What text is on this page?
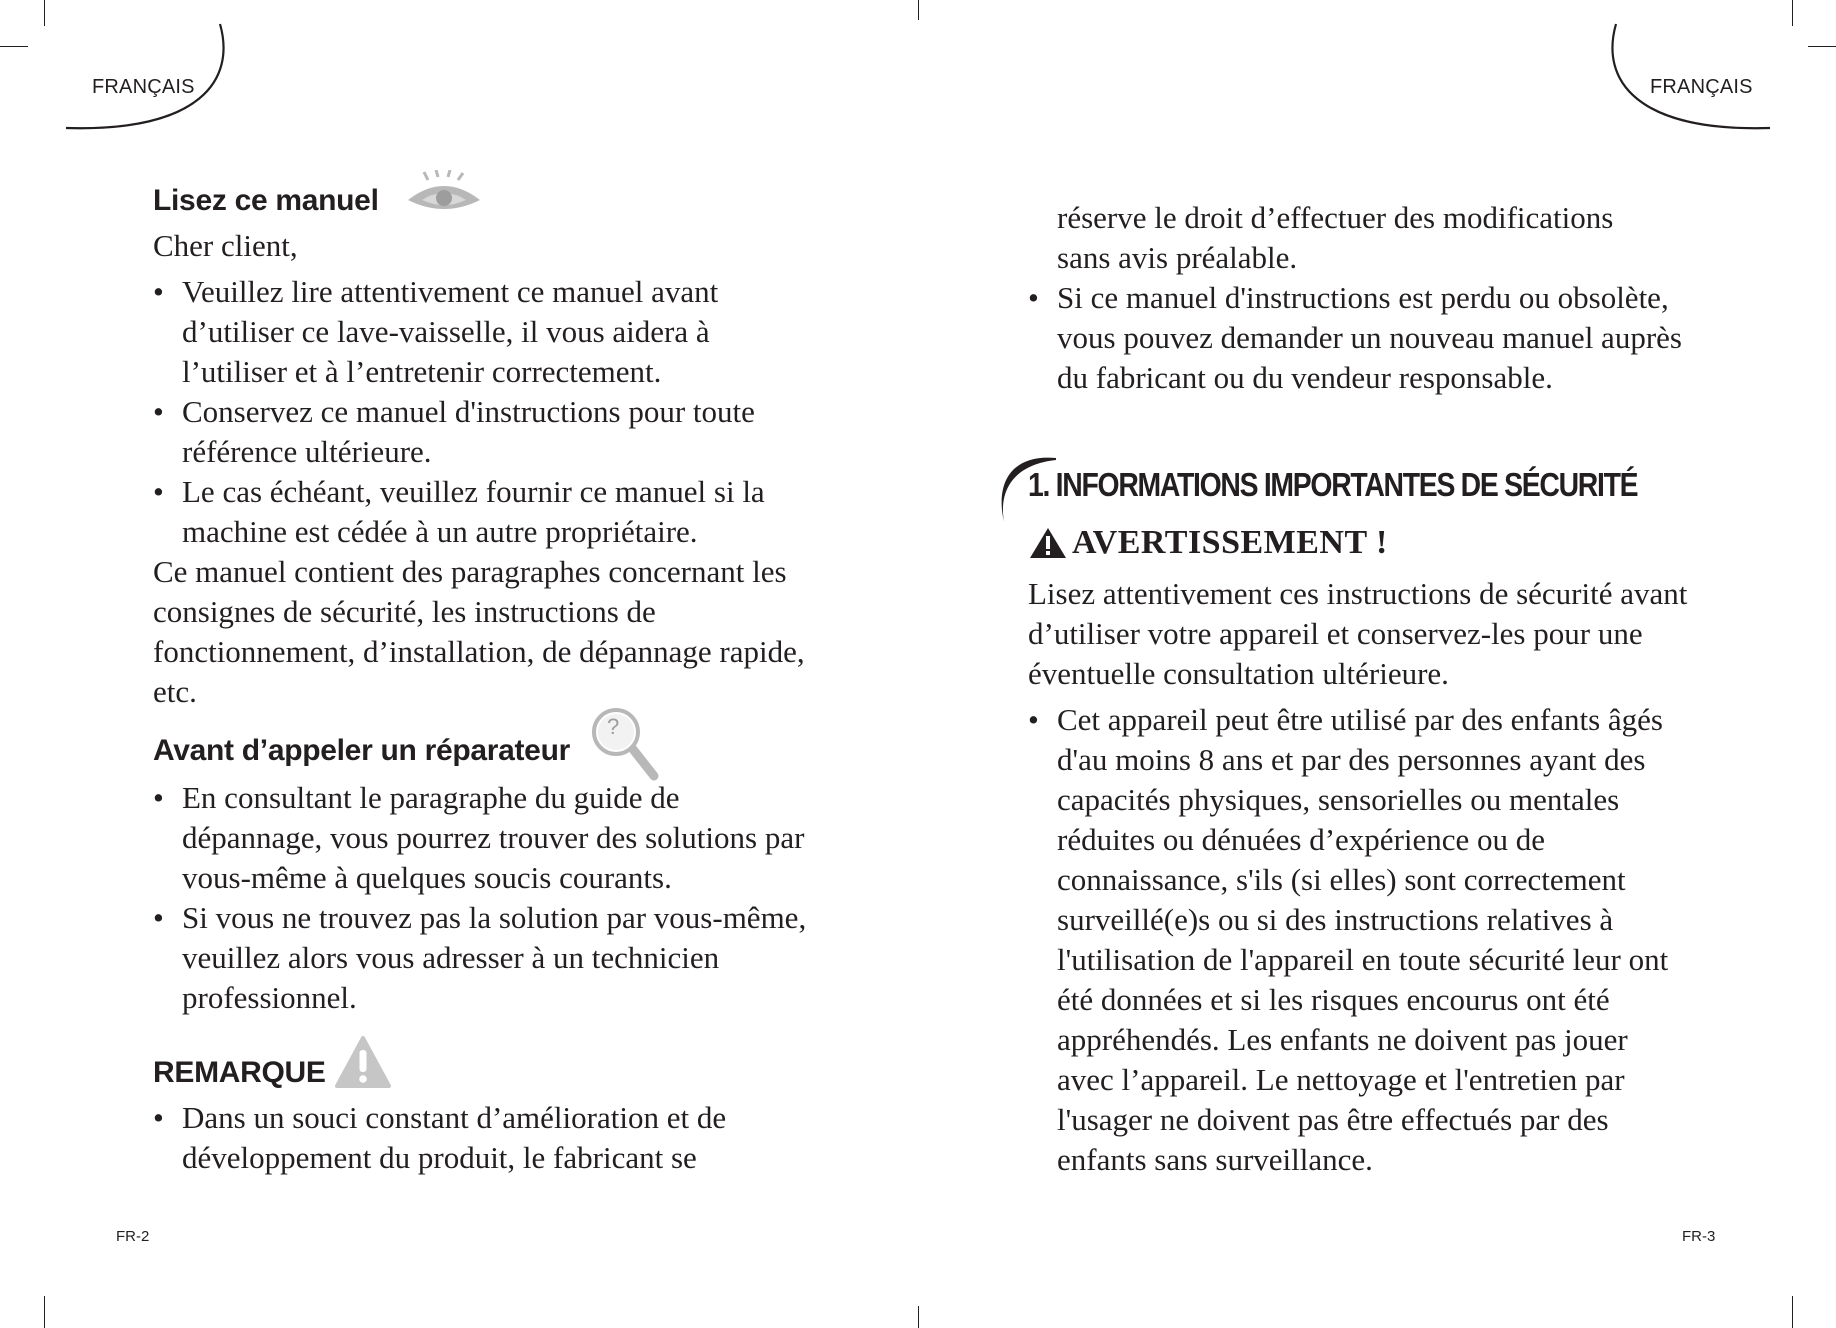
FRANÇAIS	FRANÇAIS
Lisez ce manuel
Cher client,
• Veuillez lire attentivement ce manuel avant d’utiliser ce lave-vaisselle, il vous aidera à l’utiliser et à l’entretenir correctement.
• Conservez ce manuel d'instructions pour toute référence ultérieure.
• Le cas échéant, veuillez fournir ce manuel si la machine est cédée à un autre propriétaire.
Ce manuel contient des paragraphes concernant les consignes de sécurité, les instructions de fonctionnement, d’installation, de dépannage rapide, etc.
Avant d’appeler un réparateur
?
• En consultant le paragraphe du guide de dépannage, vous pourrez trouver des solutions par vous-même à quelques soucis courants.
• Si vous ne trouvez pas la solution par vous-même, veuillez alors vous adresser à un technicien professionnel.
REMARQUE
• Dans un souci constant d’amélioration et de développement du produit, le fabricant se
FR-2
réserve le droit d’effectuer des modifications sans avis préalable.
• Si ce manuel d'instructions est perdu ou obsolète, vous pouvez demander un nouveau manuel auprès du fabricant ou du vendeur responsable.
1. INFORMATIONS IMPORTANTES DE SÉCURITÉ
AVERTISSEMENT !
Lisez attentivement ces instructions de sécurité avant d’utiliser votre appareil et conservez-les pour une éventuelle consultation ultérieure.
• Cet appareil peut être utilisé par des enfants âgés d'au moins 8 ans et par des personnes ayant des capacités physiques, sensorielles ou mentales réduites ou dénuées d’expérience ou de connaissance, s'ils (si elles) sont correctement surveillé(e)s ou si des instructions relatives à l'utilisation de l'appareil en toute sécurité leur ont été données et si les risques encourus ont été appréhendés. Les enfants ne doivent pas jouer avec l’appareil. Le nettoyage et l'entretien par l'usager ne doivent pas être effectués par des enfants sans surveillance.
FR-3
